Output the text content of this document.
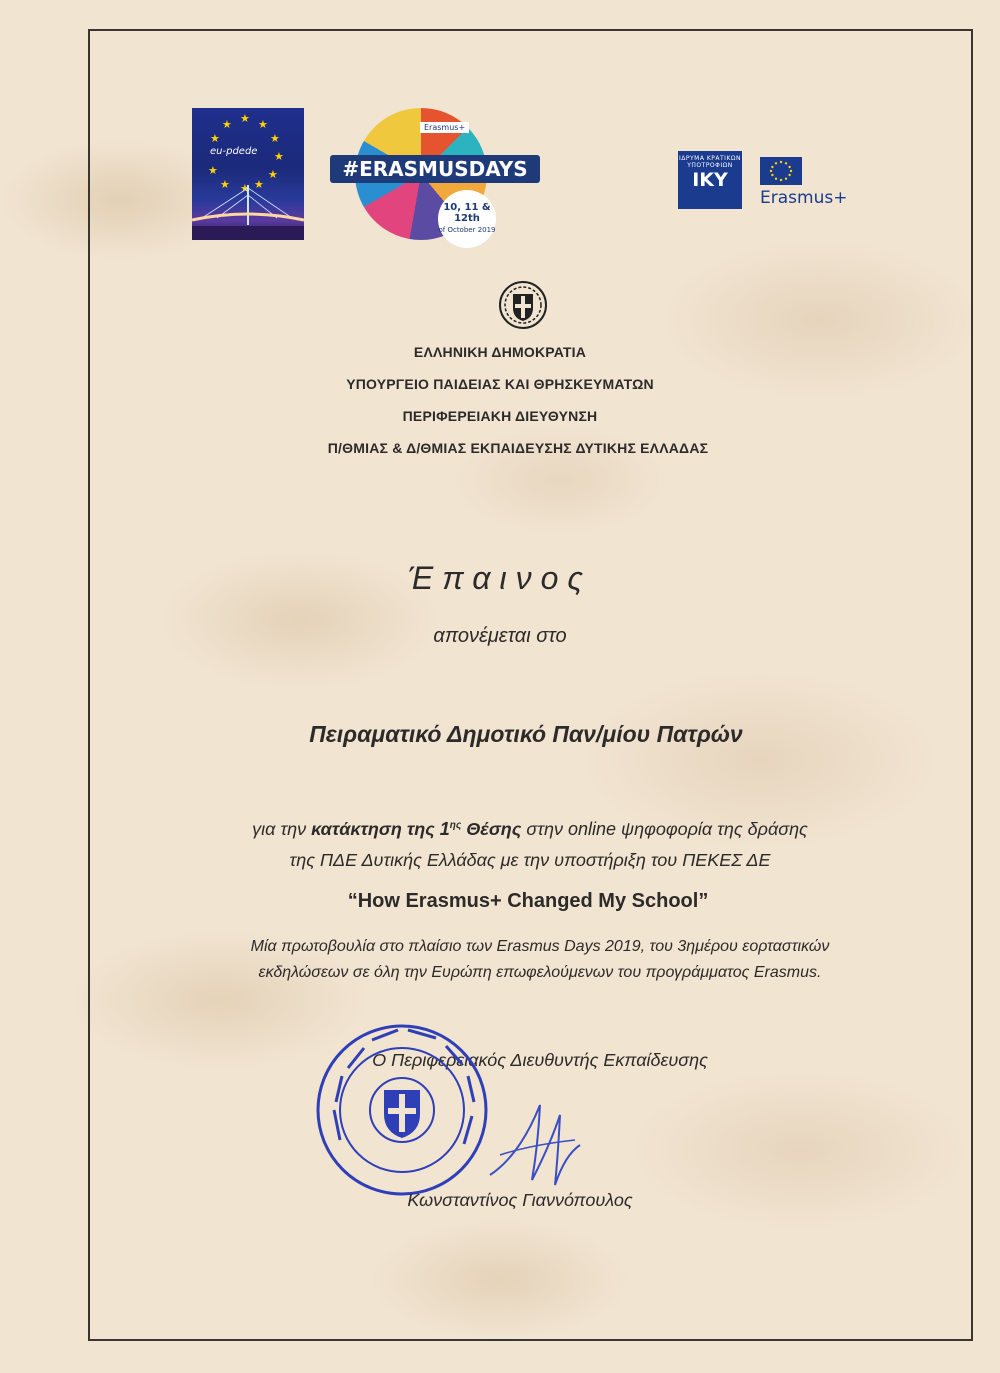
★ ★
★
★
★
★
★
★
★ ★ ★
eu-pdede
Erasmus+
#ERASMUSDAYS
10, 11 & 12th
of October 2019
ΙΔΡΥΜΑ ΚΡΑΤΙΚΩΝ ΥΠΟΤΡΟΦΙΩΝ
IKY
Erasmus+
ΕΛΛΗΝΙΚΗ ΔΗΜΟΚΡΑΤΙΑ
ΥΠΟΥΡΓΕΙΟ ΠΑΙΔΕΙΑΣ ΚΑΙ ΘΡΗΣΚΕΥΜΑΤΩΝ
ΠΕΡΙΦΕΡΕΙΑΚΗ ΔΙΕΥΘΥΝΣΗ
Π/ΘΜΙΑΣ & Δ/ΘΜΙΑΣ ΕΚΠΑΙΔΕΥΣΗΣ ΔΥΤΙΚΗΣ ΕΛΛΑΔΑΣ
Έπαινος
απονέμεται στο
Πειραματικό Δημοτικό Παν/μίου Πατρών
για την κατάκτηση της $1^{\eta\varsigma}$ Θέσης στην online ψηφοφορία της δράσης
της ΠΔΕ Δυτικής Ελλάδας με την υποστήριξη του ΠΕΚΕΣ ΔΕ
“How Erasmus+ Changed My School”
Μία πρωτοβουλία στο πλαίσιο των Erasmus Days 2019, του 3ημέρου εορταστικών
εκδηλώσεων σε όλη την Ευρώπη επωφελούμενων του προγράμματος Erasmus.
Ο Περιφερειακός Διευθυντής Εκπαίδευσης
Κωνσταντίνος Γιαννόπουλος
